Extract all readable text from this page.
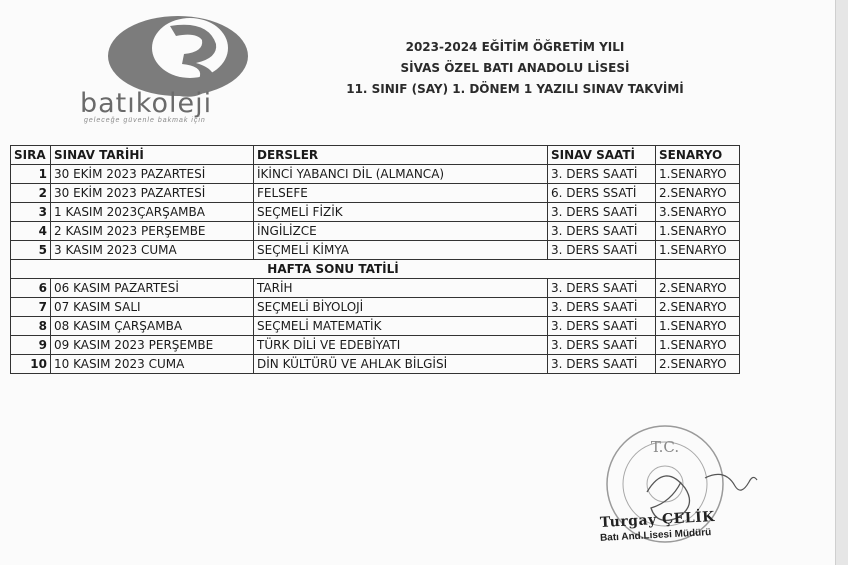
batıkoleji
geleceğe güvenle bakmak için
2023-2024 EĞİTİM ÖĞRETİM YILI
SİVAS ÖZEL BATI ANADOLU LİSESİ
11. SINIF (SAY) 1. DÖNEM 1 YAZILI SINAV TAKVİMİ
SIRA	SINAV TARİHİ	DERSLER	SINAV SAATİ	SENARYO
1	30 EKİM 2023 PAZARTESİ	İKİNCİ YABANCI DİL (ALMANCA)	3. DERS SAATİ	1.SENARYO
2	30 EKİM 2023 PAZARTESİ	FELSEFE	6. DERS SSATİ	2.SENARYO
3	1 KASIM 2023ÇARŞAMBA	SEÇMELİ FİZİK	3. DERS SAATİ	3.SENARYO
4	2 KASIM 2023 PERŞEMBE	İNGİLİZCE	3. DERS SAATİ	1.SENARYO
5	3 KASIM 2023 CUMA	SEÇMELİ KİMYA	3. DERS SAATİ	1.SENARYO
HAFTA SONU TATİLİ				
6	06 KASIM PAZARTESİ	TARİH	3. DERS SAATİ	2.SENARYO
7	07 KASIM SALI	SEÇMELİ BİYOLOJİ	3. DERS SAATİ	2.SENARYO
8	08 KASIM ÇARŞAMBA	SEÇMELİ MATEMATİK	3. DERS SAATİ	1.SENARYO
9	09 KASIM 2023 PERŞEMBE	TÜRK DİLİ VE EDEBİYATI	3. DERS SAATİ	1.SENARYO
10	10 KASIM 2023 CUMA	DİN KÜLTÜRÜ VE AHLAK BİLGİSİ	3. DERS SAATİ	2.SENARYO
T.C.
Turgay ÇELİK
Batı And.Lisesi Müdürü
